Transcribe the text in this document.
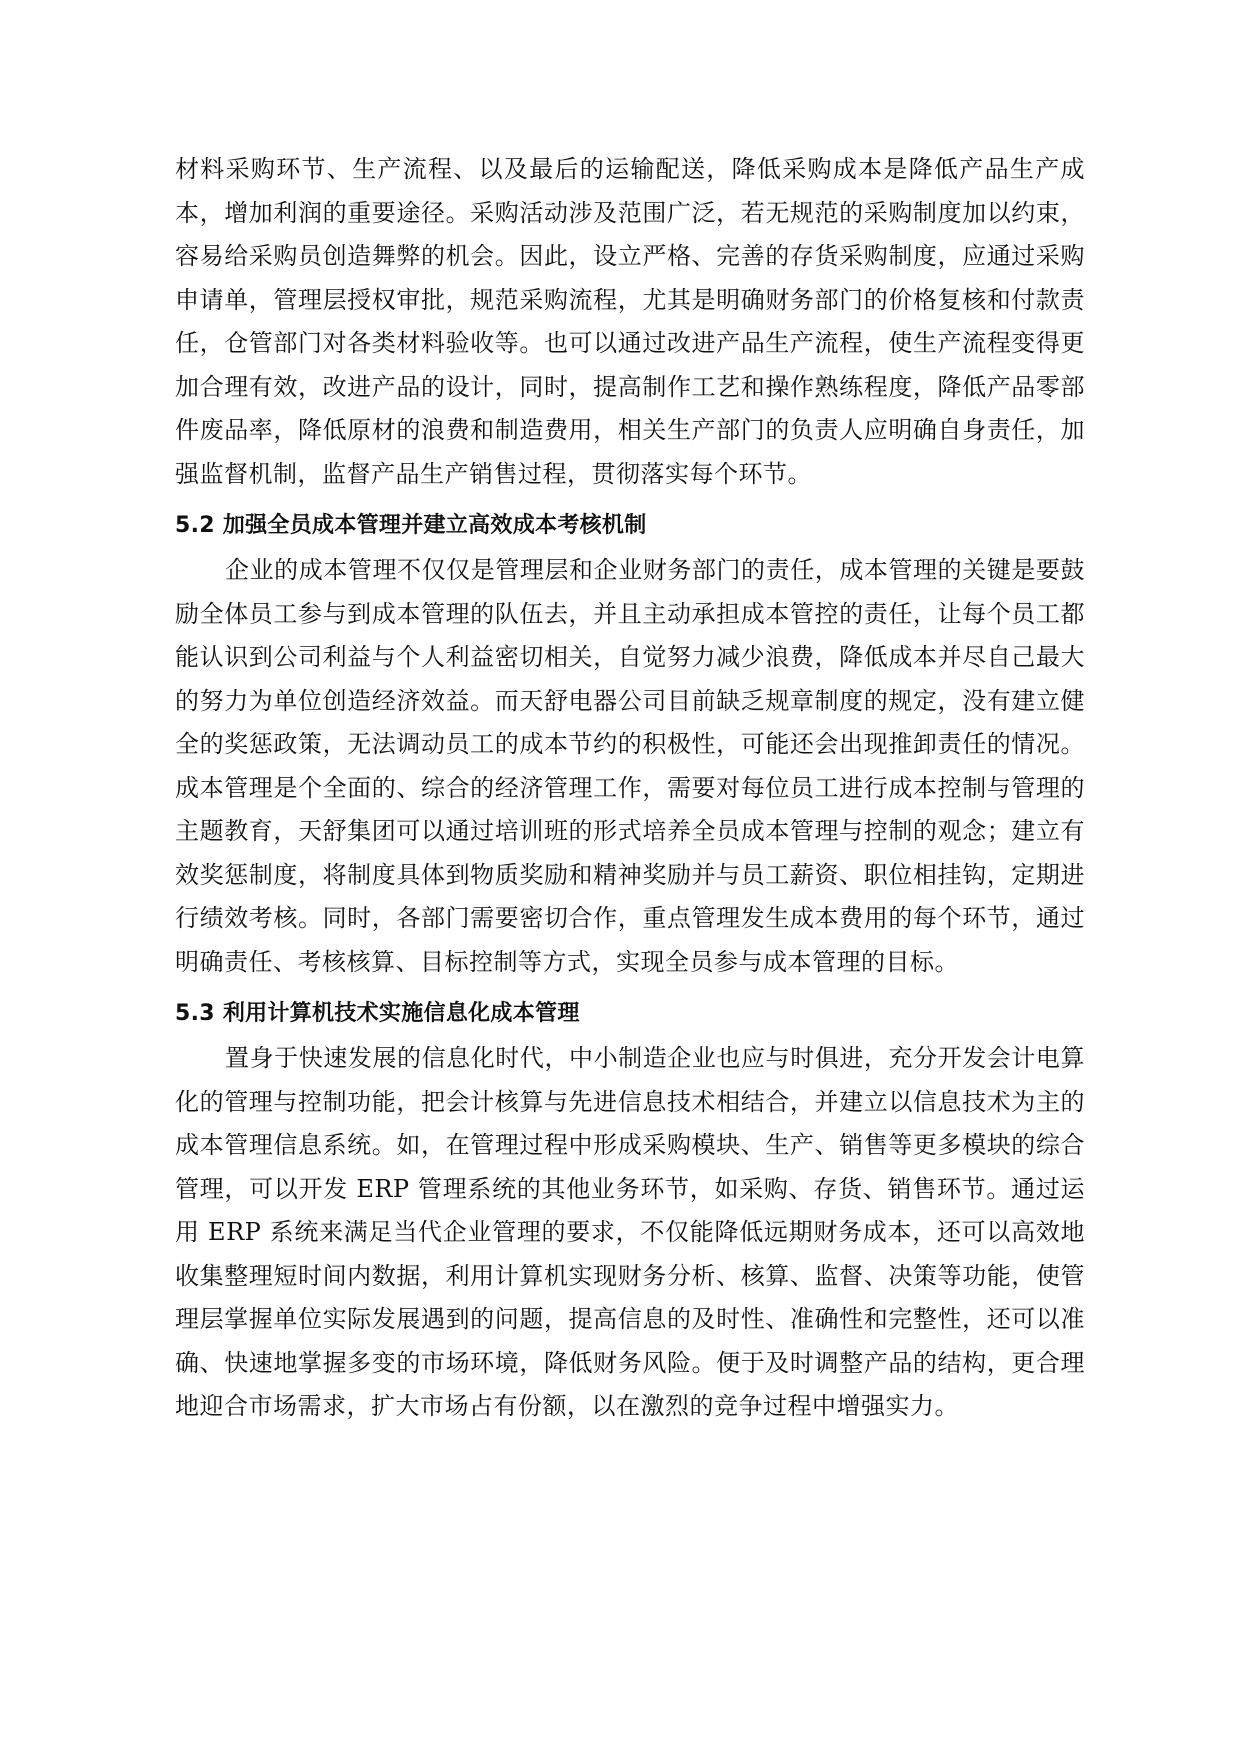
材料采购环节、生产流程、以及最后的运输配送，降低采购成本是降低产品生产成本，增加利润的重要途径。采购活动涉及范围广泛，若无规范的采购制度加以约束，容易给采购员创造舞弊的机会。因此，设立严格、完善的存货采购制度，应通过采购申请单，管理层授权审批，规范采购流程，尤其是明确财务部门的价格复核和付款责任，仓管部门对各类材料验收等。也可以通过改进产品生产流程，使生产流程变得更加合理有效，改进产品的设计，同时，提高制作工艺和操作熟练程度，降低产品零部件废品率，降低原材的浪费和制造费用，相关生产部门的负责人应明确自身责任，加强监督机制，监督产品生产销售过程，贯彻落实每个环节。

5.2 加强全员成本管理并建立高效成本考核机制

企业的成本管理不仅仅是管理层和企业财务部门的责任，成本管理的关键是要鼓励全体员工参与到成本管理的队伍去，并且主动承担成本管控的责任，让每个员工都能认识到公司利益与个人利益密切相关，自觉努力减少浪费，降低成本并尽自己最大的努力为单位创造经济效益。而天舒电器公司目前缺乏规章制度的规定，没有建立健全的奖惩政策，无法调动员工的成本节约的积极性，可能还会出现推卸责任的情况。成本管理是个全面的、综合的经济管理工作，需要对每位员工进行成本控制与管理的主题教育，天舒集团可以通过培训班的形式培养全员成本管理与控制的观念；建立有效奖惩制度，将制度具体到物质奖励和精神奖励并与员工薪资、职位相挂钩，定期进行绩效考核。同时，各部门需要密切合作，重点管理发生成本费用的每个环节，通过明确责任、考核核算、目标控制等方式，实现全员参与成本管理的目标。

5.3 利用计算机技术实施信息化成本管理

置身于快速发展的信息化时代，中小制造企业也应与时俱进，充分开发会计电算化的管理与控制功能，把会计核算与先进信息技术相结合，并建立以信息技术为主的成本管理信息系统。如，在管理过程中形成采购模块、生产、销售等更多模块的综合管理，可以开发 ERP 管理系统的其他业务环节，如采购、存货、销售环节。通过运用 ERP 系统来满足当代企业管理的要求，不仅能降低远期财务成本，还可以高效地收集整理短时间内数据，利用计算机实现财务分析、核算、监督、决策等功能，使管理层掌握单位实际发展遇到的问题，提高信息的及时性、准确性和完整性，还可以准确、快速地掌握多变的市场环境，降低财务风险。便于及时调整产品的结构，更合理地迎合市场需求，扩大市场占有份额，以在激烈的竞争过程中增强实力。
